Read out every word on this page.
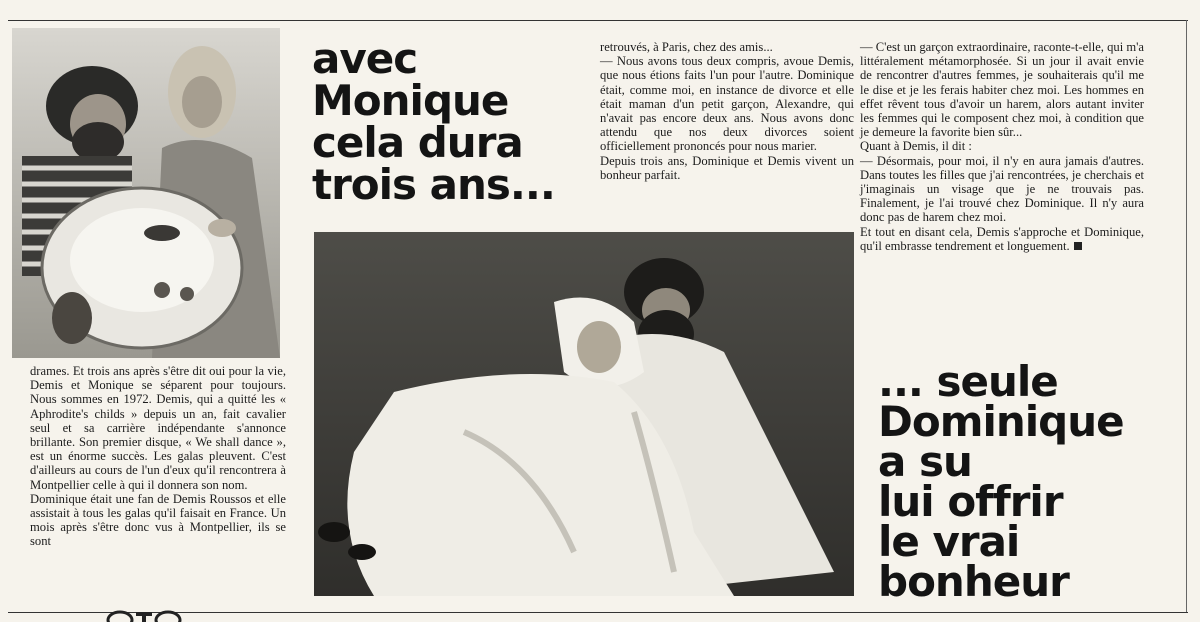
avec
Monique
cela dura
trois ans...

retrouvés, à Paris, chez des amis...

— Nous avons tous deux compris, avoue Demis, que nous étions faits l'un pour l'autre. Dominique était, comme moi, en instance de divorce et elle était maman d'un petit garçon, Alexandre, qui n'avait pas encore deux ans. Nous avons donc attendu que nos deux divorces soient officiellement prononcés pour nous marier.

Depuis trois ans, Dominique et Demis vivent un bonheur parfait.

drames. Et trois ans après s'être dit oui pour la vie, Demis et Monique se séparent pour toujours. Nous sommes en 1972. Demis, qui a quitté les « Aphrodite's childs » depuis un an, fait cavalier seul et sa carrière indépendante s'annonce brillante. Son premier disque, « We shall dance », est un énorme succès. Les galas pleuvent. C'est d'ailleurs au cours de l'un d'eux qu'il rencontrera à Montpellier celle à qui il donnera son nom.

Dominique était une fan de Demis Roussos et elle assistait à tous les galas qu'il faisait en France. Un mois après s'être donc vus à Montpellier, ils se sont

— C'est un garçon extraordinaire, raconte-t-elle, qui m'a littéralement métamorphosée. Si un jour il avait envie de rencontrer d'autres femmes, je souhaiterais qu'il me le dise et je les ferais habiter chez moi. Les hommes en effet rêvent tous d'avoir un harem, alors autant inviter les femmes qui le composent chez moi, à condition que je demeure la favorite bien sûr...

Quant à Demis, il dit :

— Désormais, pour moi, il n'y en aura jamais d'autres. Dans toutes les filles que j'ai rencontrées, je cherchais et j'imaginais un visage que je ne trouvais pas. Finalement, je l'ai trouvé chez Dominique. Il n'y aura donc pas de harem chez moi.

Et tout en disant cela, Demis s'approche et Dominique, qu'il embrasse tendrement et longuement.

... seule
Dominique
a su
lui offrir
le vrai
bonheur
